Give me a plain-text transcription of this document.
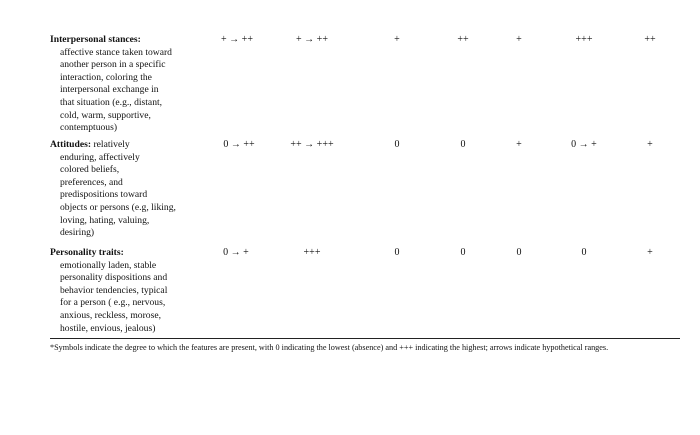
Interpersonal stances:
affective stance taken toward
another person in a specific
interaction, coloring the
interpersonal exchange in
that situation (e.g., distant,
cold, warm, supportive,
contemptuous)
+ → ++	+ → ++	+	++	+	+++	++
Attitudes: relatively
enduring, affectively
colored beliefs,
preferences, and
predispositions toward
objects or persons (e.g, liking,
loving, hating, valuing,
desiring)
0 → ++	++ → +++	0	0	+	0 → +	+
Personality traits:
emotionally laden, stable
personality dispositions and
behavior tendencies, typical
for a person ( e.g., nervous,
anxious, reckless, morose,
hostile, envious, jealous)
0 → +	+++	0	0	0	0	+
*Symbols indicate the degree to which the features are present, with 0 indicating the lowest (absence) and +++ indicating the highest; arrows indicate hypothetical ranges.
